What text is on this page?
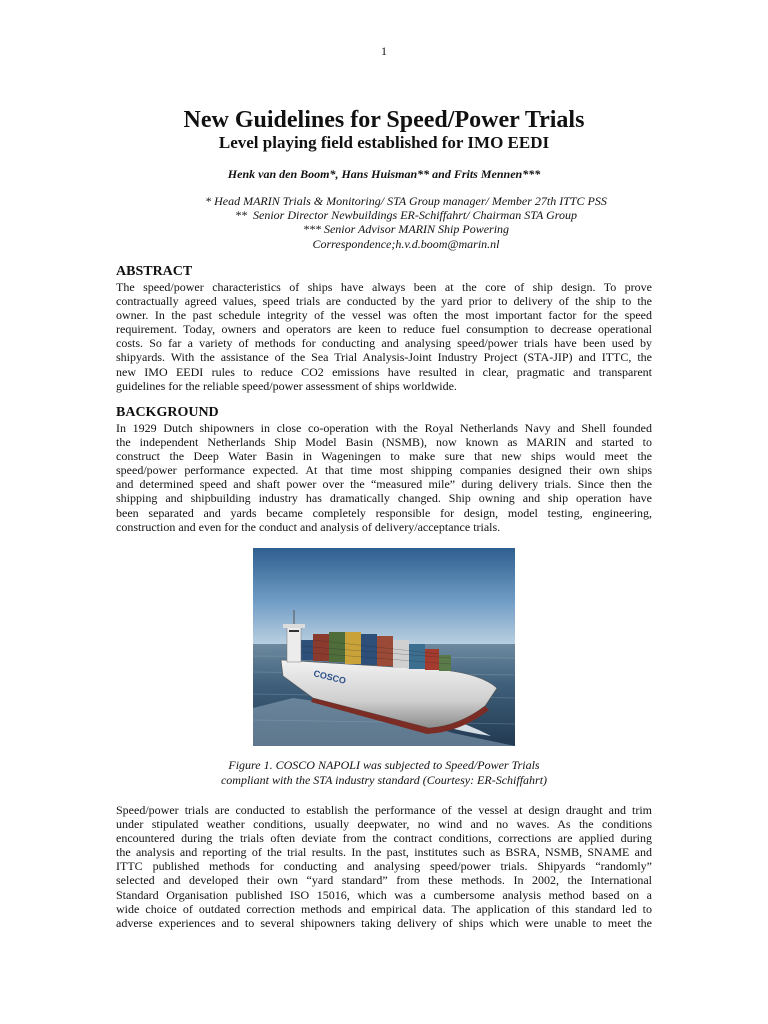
1
New Guidelines for Speed/Power Trials
Level playing field established for IMO EEDI
Henk van den Boom*, Hans Huisman** and Frits Mennen***
* Head MARIN Trials & Monitoring/ STA Group manager/ Member 27th ITTC PSS
**  Senior Director Newbuildings ER-Schiffahrt/ Chairman STA Group
*** Senior Advisor MARIN Ship Powering
Correspondence;h.v.d.boom@marin.nl
ABSTRACT
The speed/power characteristics of ships have always been at the core of ship design. To prove
contractually agreed values, speed trials are conducted by the yard prior to delivery of the ship to the
owner. In the past schedule integrity of the vessel was often the most important factor for the speed
requirement. Today, owners and operators are keen to reduce fuel consumption to decrease operational
costs. So far a variety of methods for conducting and analysing speed/power trials have been used by
shipyards. With the assistance of the Sea Trial Analysis-Joint Industry Project (STA-JIP) and ITTC, the
new IMO EEDI rules to reduce CO2 emissions have resulted in clear, pragmatic and transparent
guidelines for the reliable speed/power assessment of ships worldwide.
BACKGROUND
In 1929 Dutch shipowners in close co-operation with the Royal Netherlands Navy and Shell founded
the independent Netherlands Ship Model Basin (NSMB), now known as MARIN and started to
construct the Deep Water Basin in Wageningen to make sure that new ships would meet the
speed/power performance expected. At that time most shipping companies designed their own ships
and determined speed and shaft power over the “measured mile” during delivery trials. Since then the
shipping and shipbuilding industry has dramatically changed. Ship owning and ship operation have
been separated and yards became completely responsible for design, model testing, engineering,
construction and even for the conduct and analysis of delivery/acceptance trials.
COSCO
Figure 1. COSCO NAPOLI was subjected to Speed/Power Trials
compliant with the STA industry standard (Courtesy: ER-Schiffahrt)
Speed/power trials are conducted to establish the performance of the vessel at design draught and trim
under stipulated weather conditions, usually deepwater, no wind and no waves. As the conditions
encountered during the trials often deviate from the contract conditions, corrections are applied during
the analysis and reporting of the trial results. In the past, institutes such as BSRA, NSMB, SNAME and
ITTC published methods for conducting and analysing speed/power trials. Shipyards “randomly”
selected and developed their own “yard standard” from these methods. In 2002, the International
Standard Organisation published ISO 15016, which was a cumbersome analysis method based on a
wide choice of outdated correction methods and empirical data. The application of this standard led to
adverse experiences and to several shipowners taking delivery of ships which were unable to meet the
